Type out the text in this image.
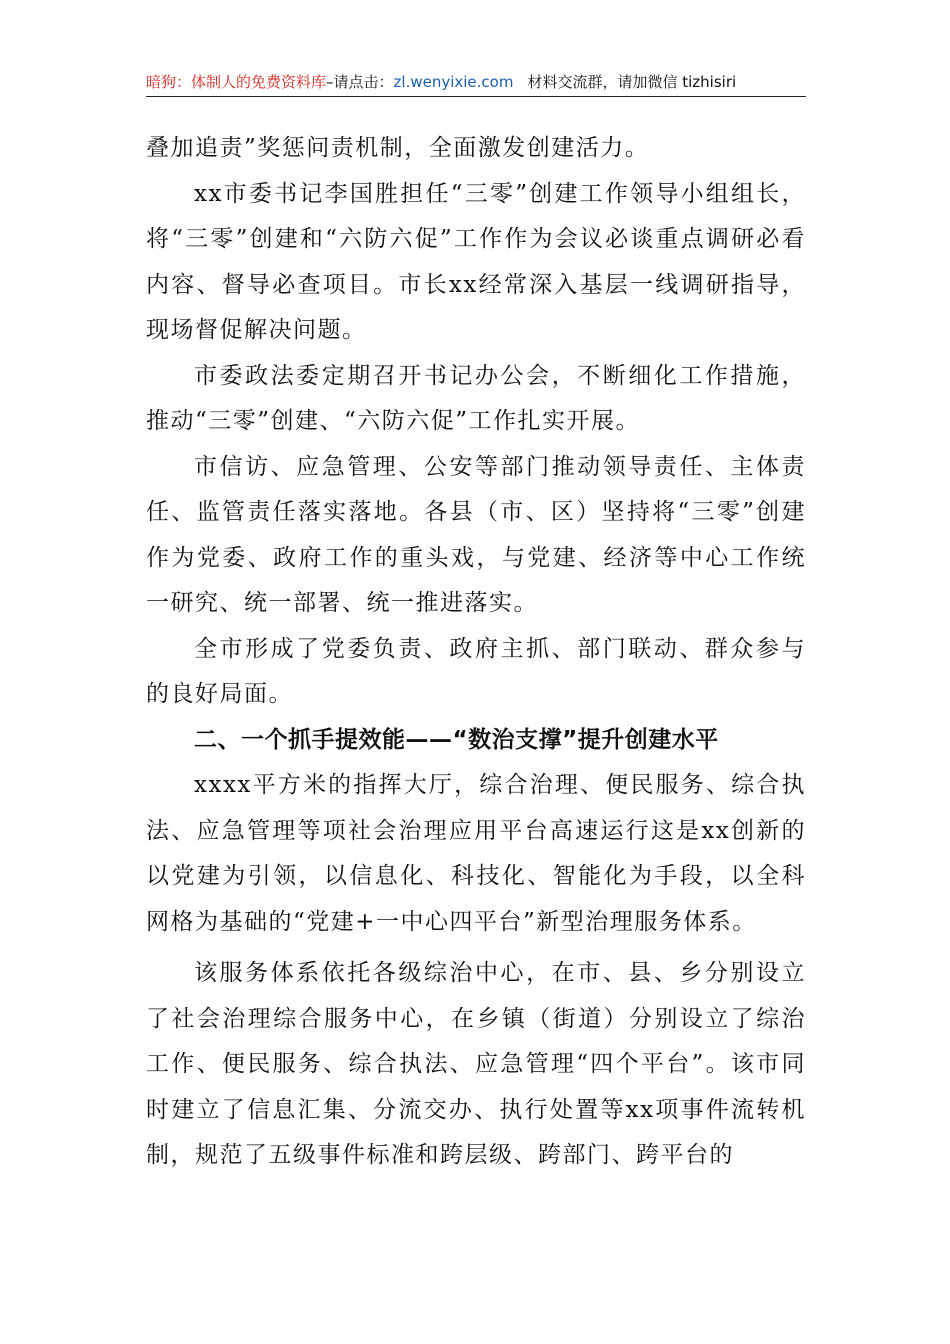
暗狗：体制人的免费资料库–请点击：zl.wenyixie.com 材料交流群，请加微信 tizhisiri

叠加追责”奖惩问责机制，全面激发创建活力。

xx市委书记李国胜担任“三零”创建工作领导小组组长，将“三零”创建和“六防六促”工作作为会议必谈重点调研必看内容、督导必查项目。市长xx经常深入基层一线调研指导，现场督促解决问题。

市委政法委定期召开书记办公会，不断细化工作措施，推动“三零”创建、“六防六促”工作扎实开展。

市信访、应急管理、公安等部门推动领导责任、主体责任、监管责任落实落地。各县（市、区）坚持将“三零”创建作为党委、政府工作的重头戏，与党建、经济等中心工作统一研究、统一部署、统一推进落实。

全市形成了党委负责、政府主抓、部门联动、群众参与的良好局面。

二、一个抓手提效能——“数治支撑”提升创建水平

xxxx平方米的指挥大厅，综合治理、便民服务、综合执法、应急管理等项社会治理应用平台高速运行这是xx创新的以党建为引领，以信息化、科技化、智能化为手段，以全科网格为基础的“党建+一中心四平台”新型治理服务体系。

该服务体系依托各级综治中心，在市、县、乡分别设立了社会治理综合服务中心，在乡镇（街道）分别设立了综治工作、便民服务、综合执法、应急管理“四个平台”。该市同时建立了信息汇集、分流交办、执行处置等xx项事件流转机制，规范了五级事件标准和跨层级、跨部门、跨平台的
